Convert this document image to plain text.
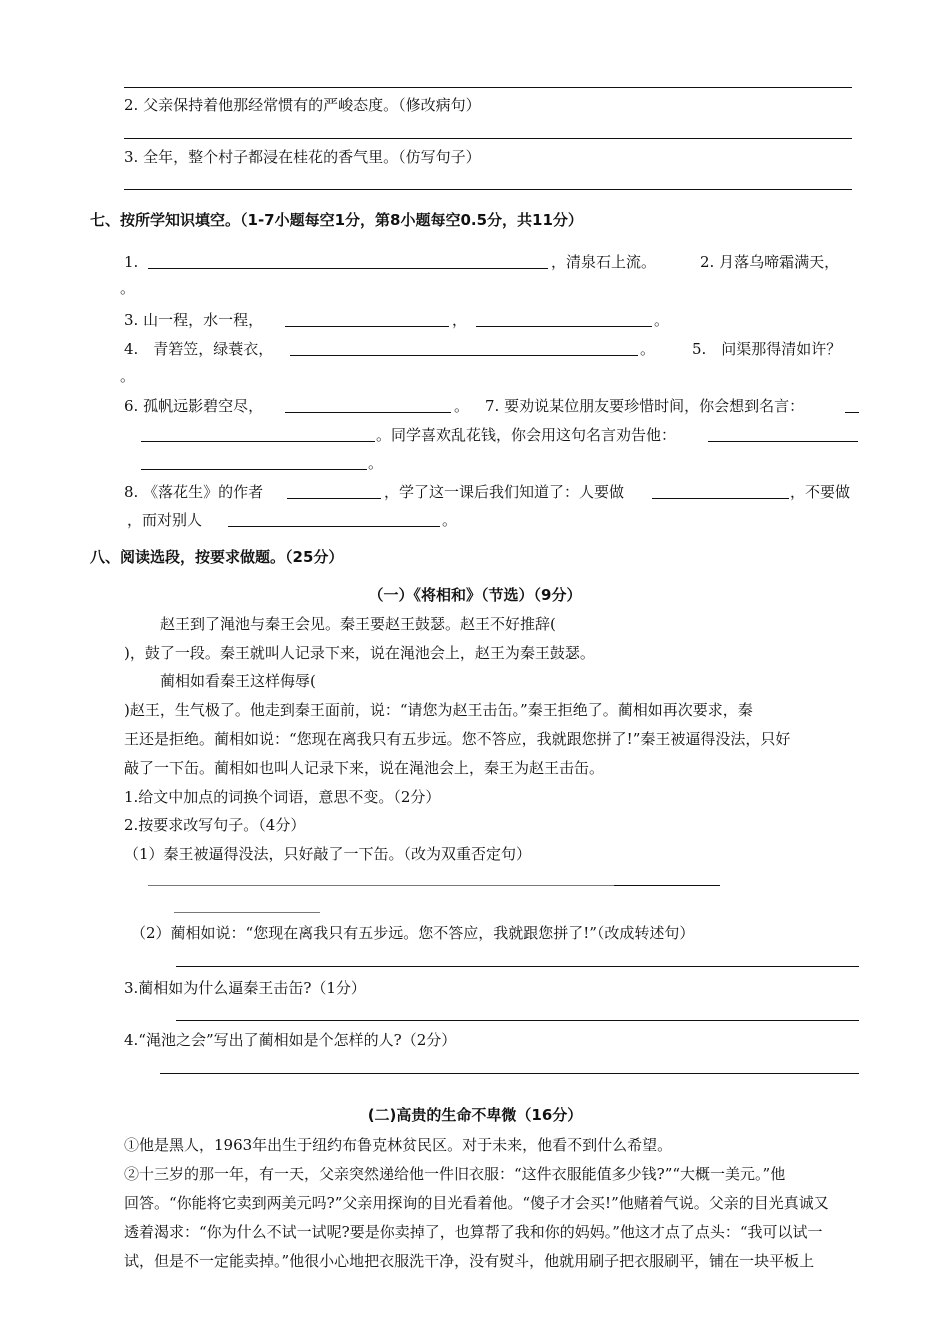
2. 父亲保持着他那经常惯有的严峻态度。（修改病句）
3. 全年，整个村子都浸在桂花的香气里。（仿写句子）
七、按所学知识填空。（1-7小题每空1分，第8小题每空0.5分，共11分）
1.	，清泉石上流。	2. 月落乌啼霜满天，
。
3. 山一程，水一程，	，	。
4.　青箬笠，绿蓑衣，	。 5.　问渠那得清如许？
。
6. 孤帆远影碧空尽，	。 7. 要劝说某位朋友要珍惜时间，你会想到名言：
。同学喜欢乱花钱，你会用这句名言劝告他：
。
8. 《落花生》的作者	，学了这一课后我们知道了：人要做	，不要做
，而对别人	。
八、阅读选段，按要求做题。（25分）
（一）《将相和》（节选）（9分）
赵王到了渑池与秦王会见。秦王要赵王鼓瑟。赵王不好推辞(
)，鼓了一段。秦王就叫人记录下来，说在渑池会上，赵王为秦王鼓瑟。
蔺相如看秦王这样侮辱(
)赵王，生气极了。他走到秦王面前，说：“请您为赵王击缶。”秦王拒绝了。蔺相如再次要求，秦
王还是拒绝。蔺相如说：“您现在离我只有五步远。您不答应，我就跟您拼了!”秦王被逼得没法，只好
敲了一下缶。蔺相如也叫人记录下来，说在渑池会上，秦王为赵王击缶。
1.给文中加点的词换个词语，意思不变。（2分）
2.按要求改写句子。（4分）
（1）秦王被逼得没法，只好敲了一下缶。（改为双重否定句）
（2）蔺相如说：“您现在离我只有五步远。您不答应，我就跟您拼了!”（改成转述句）
3.蔺相如为什么逼秦王击缶?（1分）
4.“渑池之会”写出了蔺相如是个怎样的人?（2分）
(二)高贵的生命不卑微（16分）
①他是黑人，1963年出生于纽约布鲁克林贫民区。对于未来，他看不到什么希望。
②十三岁的那一年，有一天，父亲突然递给他一件旧衣服：“这件衣服能值多少钱?”“大概一美元。”他
回答。“你能将它卖到两美元吗?”父亲用探询的目光看着他。“傻子才会买!”他赌着气说。父亲的目光真诚又
透着渴求：“你为什么不试一试呢?要是你卖掉了，也算帮了我和你的妈妈。”他这才点了点头：“我可以试一
试，但是不一定能卖掉。”他很小心地把衣服洗干净，没有熨斗，他就用刷子把衣服刷平，铺在一块平板上
